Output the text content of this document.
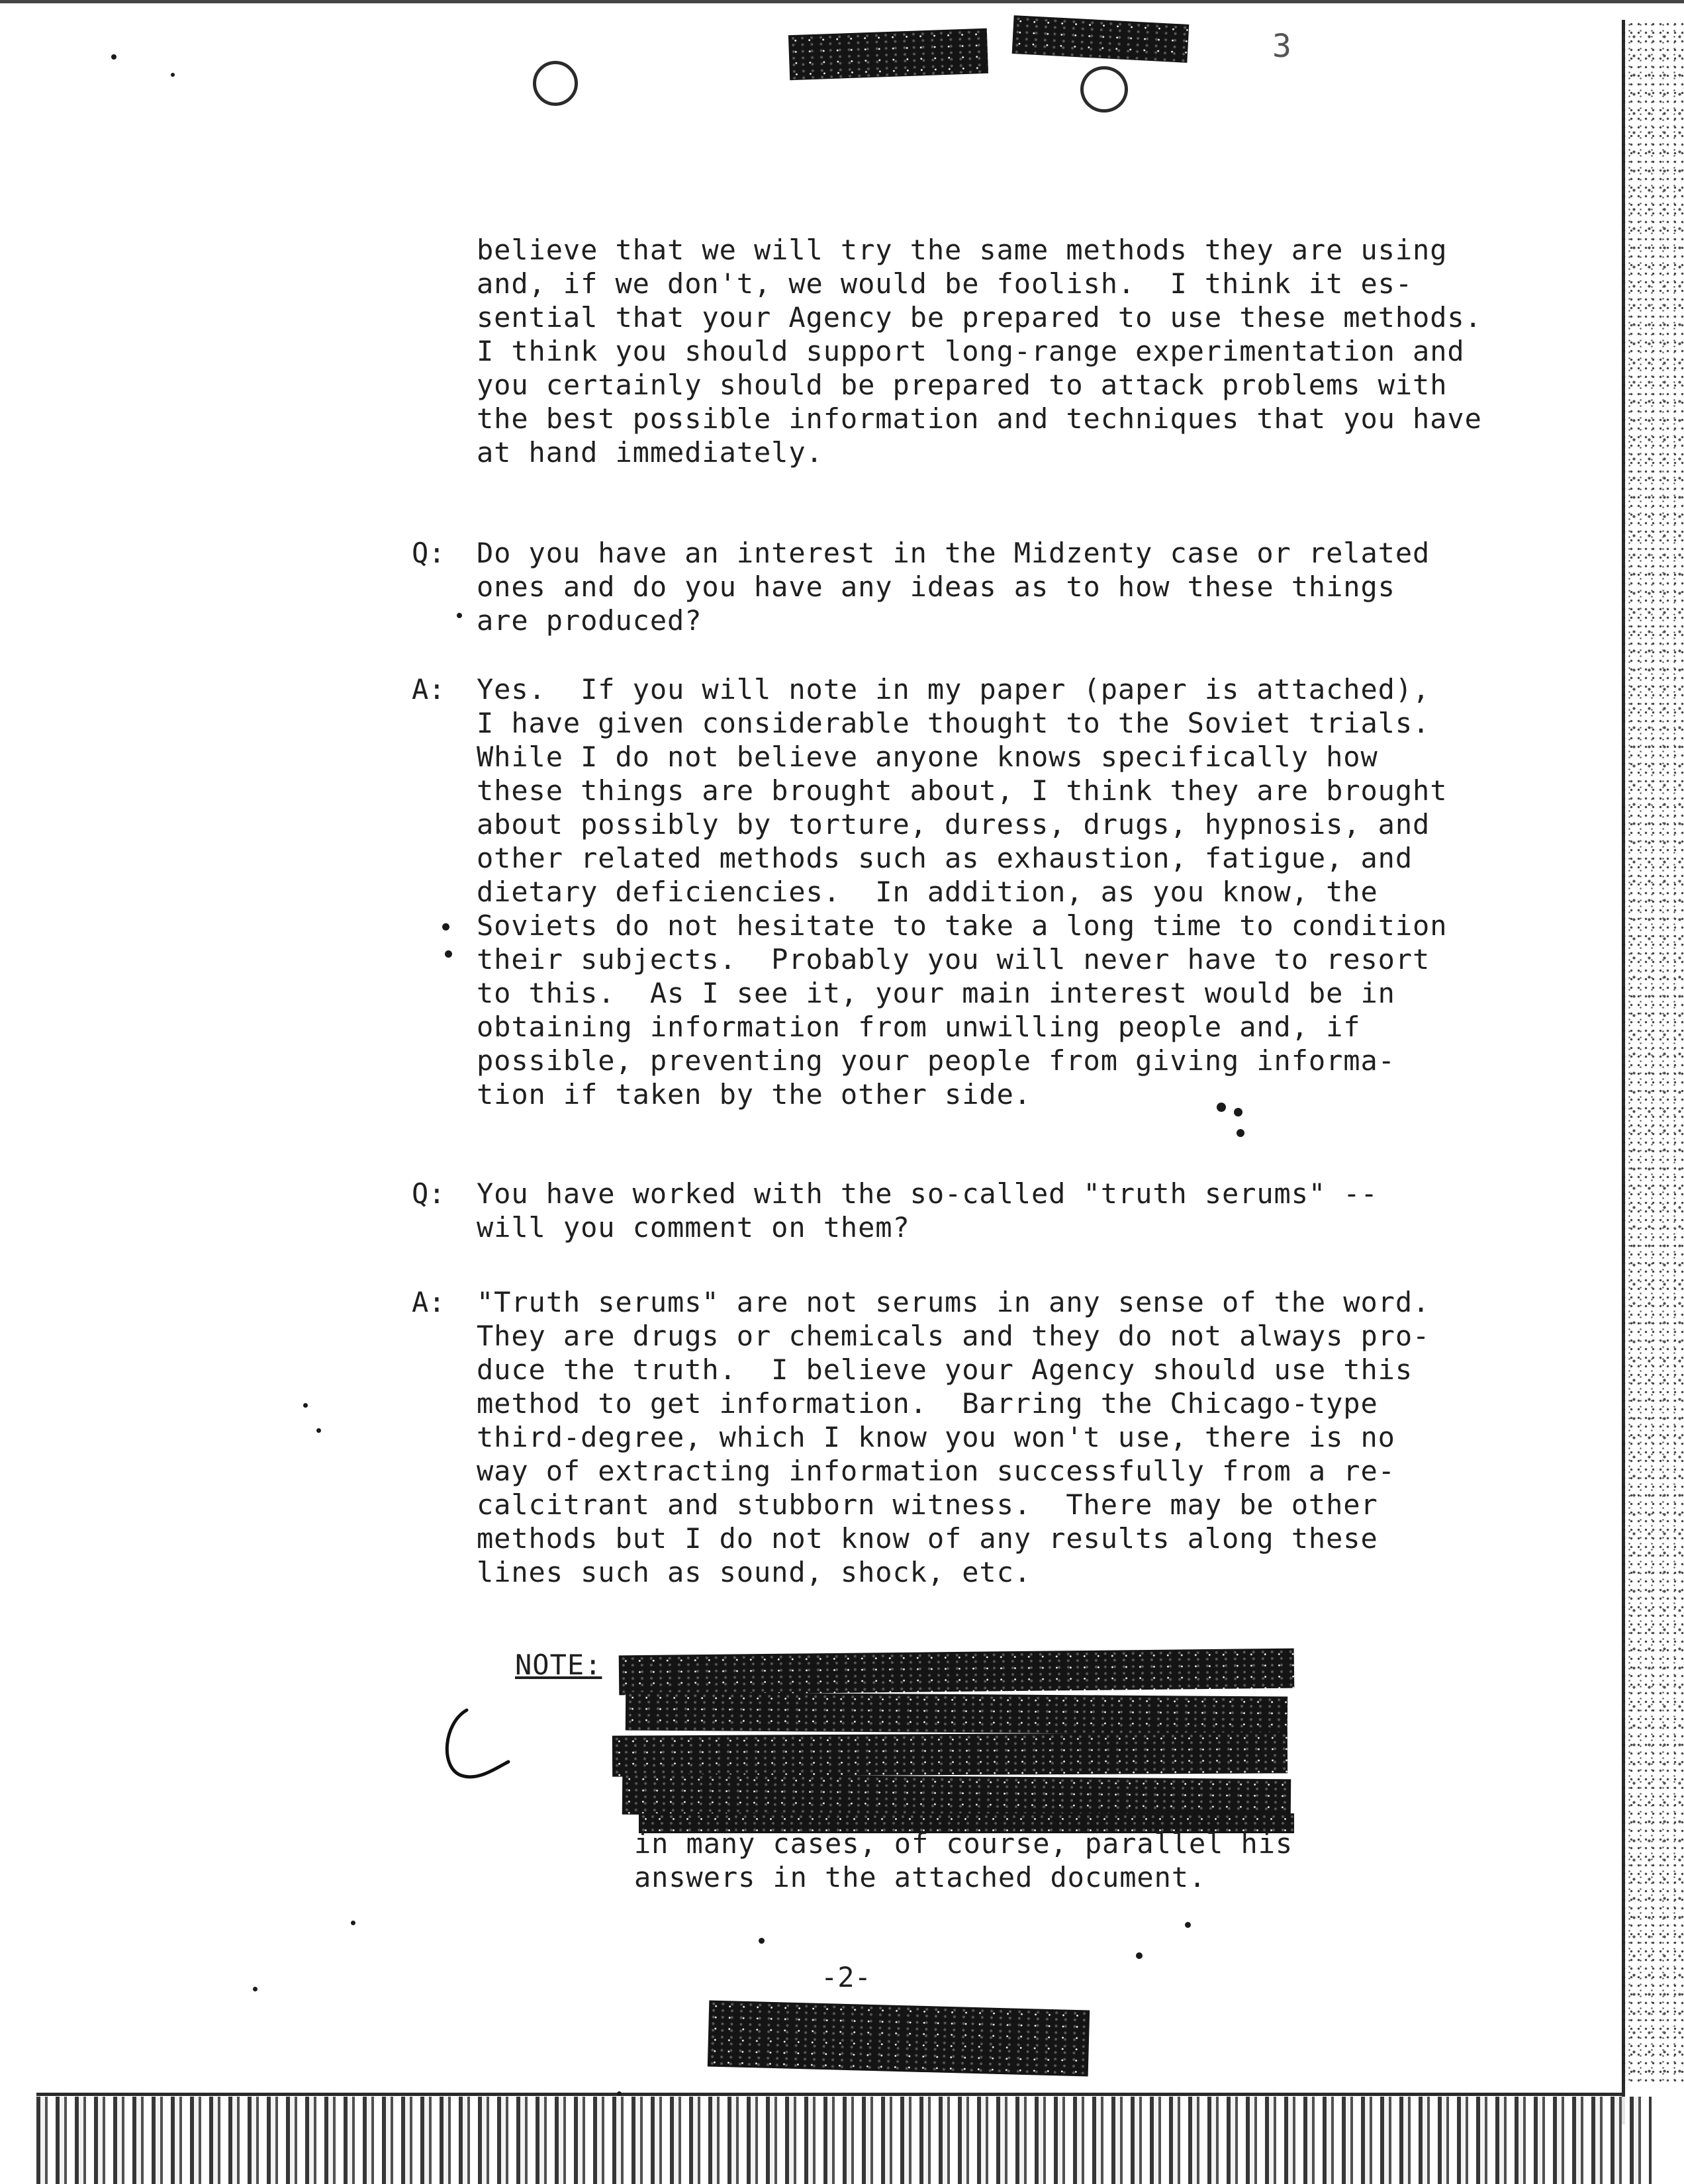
3

believe that we will try the same methods they are using
and, if we don't, we would be foolish.  I think it es-
sential that your Agency be prepared to use these methods.
I think you should support long-range experimentation and
you certainly should be prepared to attack problems with
the best possible information and techniques that you have
at hand immediately.

Q: Do you have an interest in the Midzenty case or related
ones and do you have any ideas as to how these things
are produced?

A: Yes.  If you will note in my paper (paper is attached),
I have given considerable thought to the Soviet trials.
While I do not believe anyone knows specifically how
these things are brought about, I think they are brought
about possibly by torture, duress, drugs, hypnosis, and
other related methods such as exhaustion, fatigue, and
dietary deficiencies.  In addition, as you know, the
Soviets do not hesitate to take a long time to condition
their subjects.  Probably you will never have to resort
to this.  As I see it, your main interest would be in
obtaining information from unwilling people and, if
possible, preventing your people from giving informa-
tion if taken by the other side.

Q: You have worked with the so-called "truth serums" --
will you comment on them?

A: "Truth serums" are not serums in any sense of the word.
They are drugs or chemicals and they do not always pro-
duce the truth.  I believe your Agency should use this
method to get information.  Barring the Chicago-type
third-degree, which I know you won't use, there is no
way of extracting information successfully from a re-
calcitrant and stubborn witness.  There may be other
methods but I do not know of any results along these
lines such as sound, shock, etc.

NOTE:

in many cases, of course, parallel his
answers in the attached document.

-2-
